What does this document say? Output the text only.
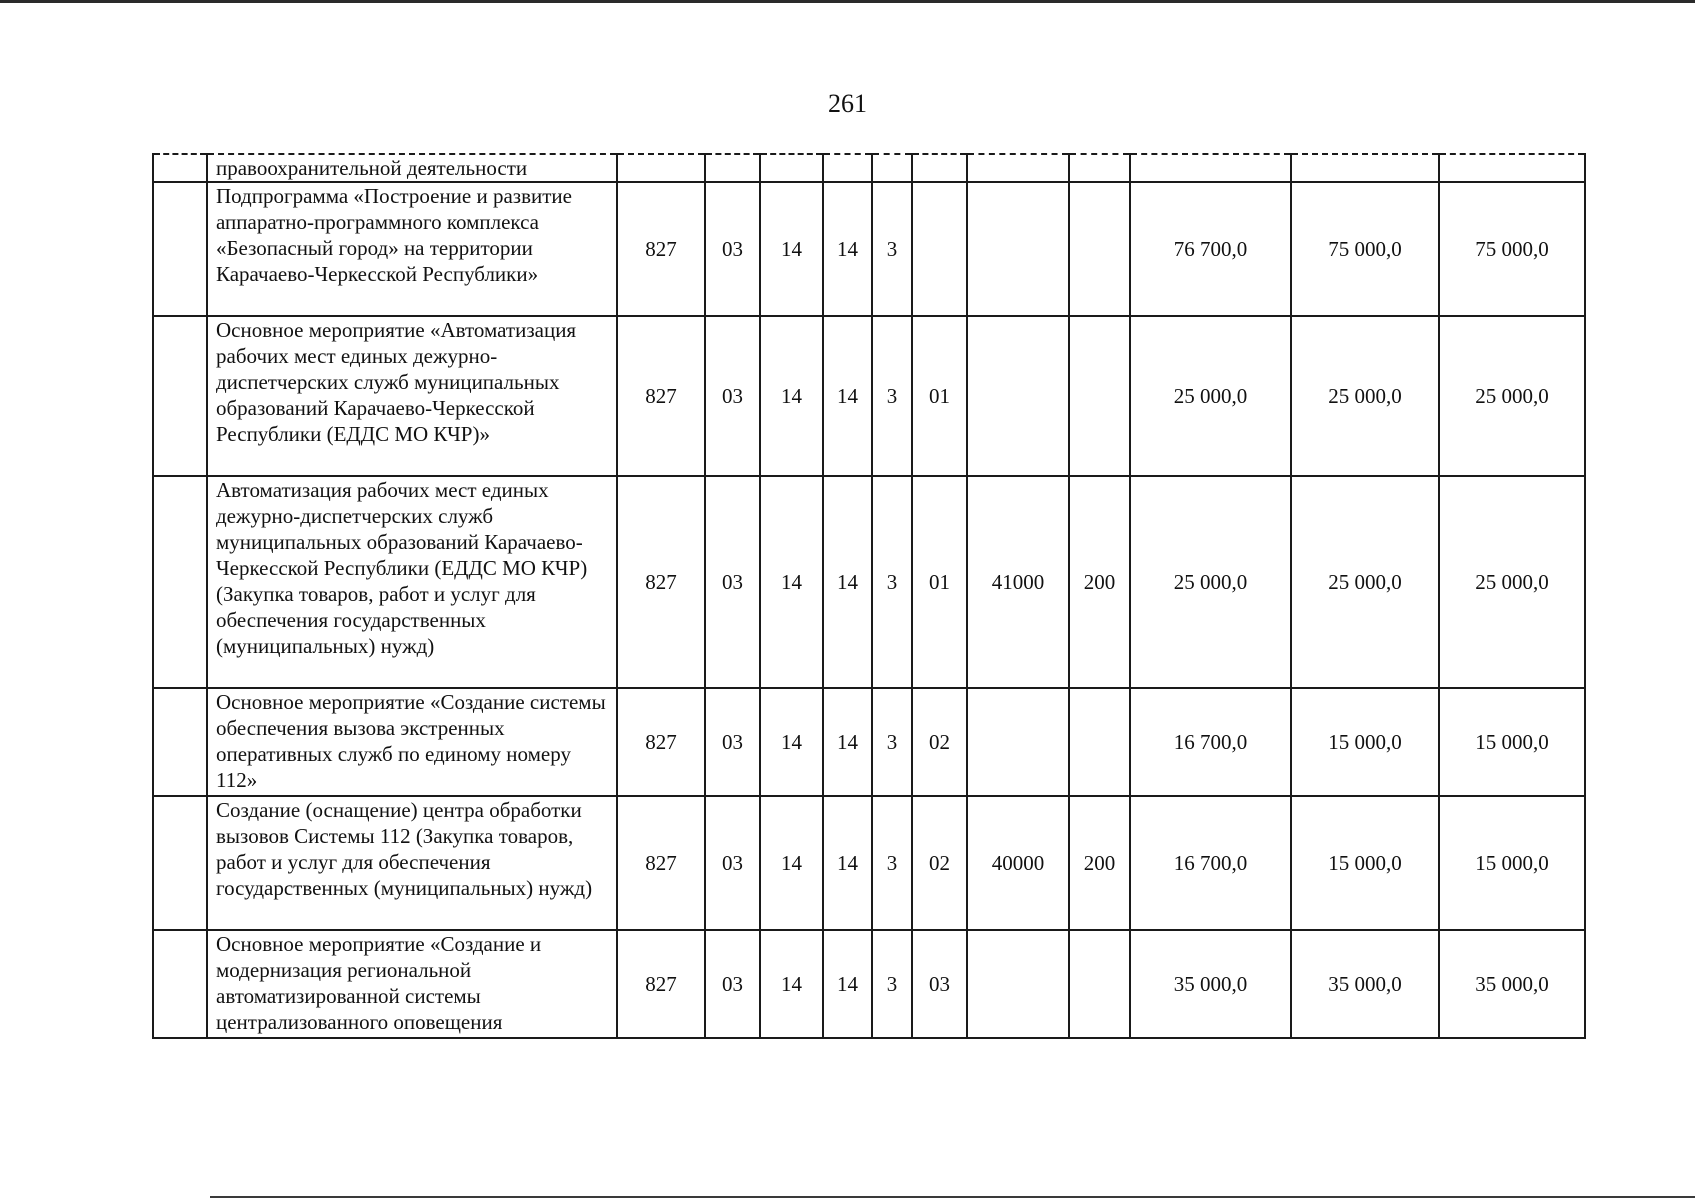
261
	правоохранительной деятельности											
	Подпрограмма «Построение и развитие аппаратно-программного комплекса «Безопасный город» на территории Карачаево-Черкесской Республики»	827	03	14	14	3				76 700,0	75 000,0	75 000,0
	Основное мероприятие «Автоматизация рабочих мест единых дежурно-диспетчерских служб муниципальных образований Карачаево-Черкесской Республики (ЕДДС МО КЧР)»	827	03	14	14	3	01			25 000,0	25 000,0	25 000,0
	Автоматизация рабочих мест единых дежурно-диспетчерских служб муниципальных образований Карачаево-Черкесской Республики (ЕДДС МО КЧР) (Закупка товаров, работ и услуг для обеспечения государственных (муниципальных) нужд)	827	03	14	14	3	01	41000	200	25 000,0	25 000,0	25 000,0
	Основное мероприятие «Создание системы обеспечения вызова экстренных оперативных служб по единому номеру 112»	827	03	14	14	3	02			16 700,0	15 000,0	15 000,0
	Создание (оснащение) центра обработки вызовов Системы 112 (Закупка товаров, работ и услуг для обеспечения государственных (муниципальных) нужд)	827	03	14	14	3	02	40000	200	16 700,0	15 000,0	15 000,0
	Основное мероприятие «Создание и модернизация региональной автоматизированной системы централизованного оповещения	827	03	14	14	3	03			35 000,0	35 000,0	35 000,0
